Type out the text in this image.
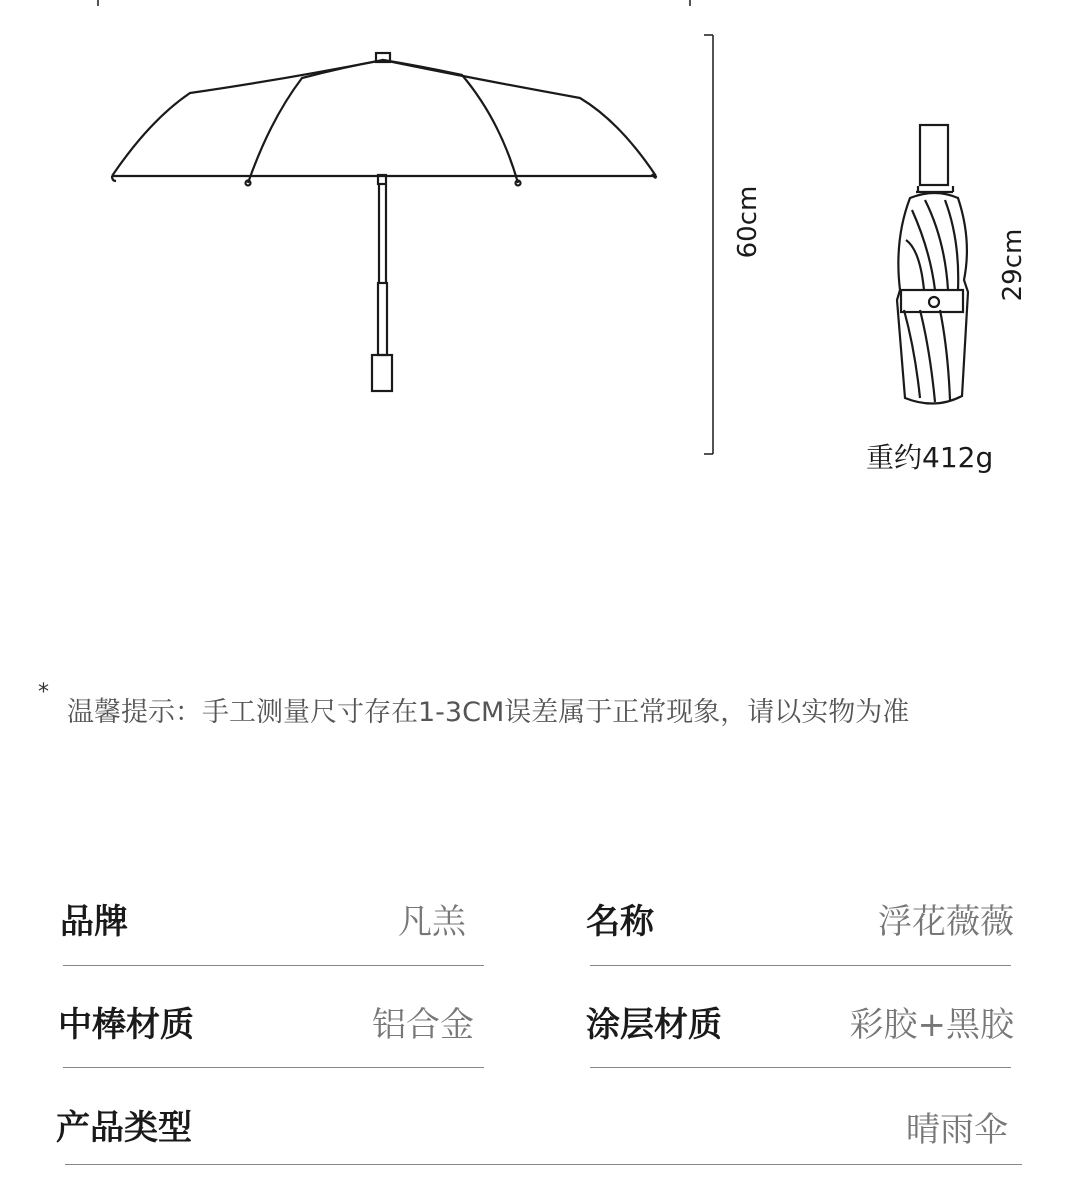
60cm
29cm
重约412g
*
温馨提示：手工测量尺寸存在1-3CM误差属于正常现象，请以实物为准
品牌	凡羔	名称	浮花薇薇
中棒材质	铝合金	涂层材质	彩胶+黑胶
产品类型	晴雨伞
